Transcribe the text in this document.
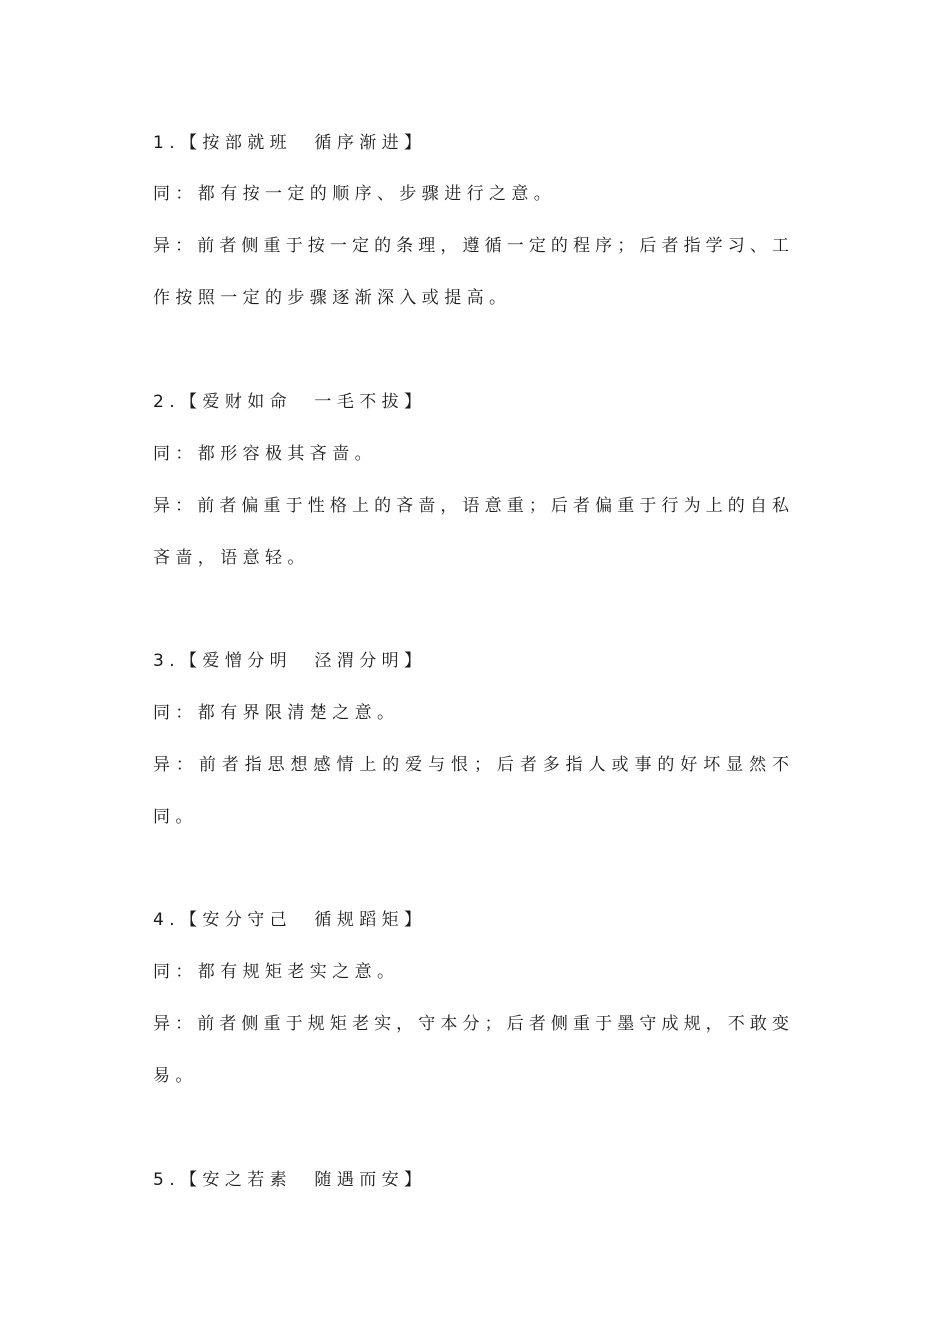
1.【按部就班　循序渐进】
同：都有按一定的顺序、步骤进行之意。
异：前者侧重于按一定的条理，遵循一定的程序；后者指学习、工
作按照一定的步骤逐渐深入或提高。
2.【爱财如命　一毛不拔】
同：都形容极其吝啬。
异：前者偏重于性格上的吝啬，语意重；后者偏重于行为上的自私
吝啬，语意轻。
3.【爱憎分明　泾渭分明】
同：都有界限清楚之意。
异：前者指思想感情上的爱与恨；后者多指人或事的好坏显然不
同。
4.【安分守己　循规蹈矩】
同：都有规矩老实之意。
异：前者侧重于规矩老实，守本分；后者侧重于墨守成规，不敢变
易。
5.【安之若素　随遇而安】
